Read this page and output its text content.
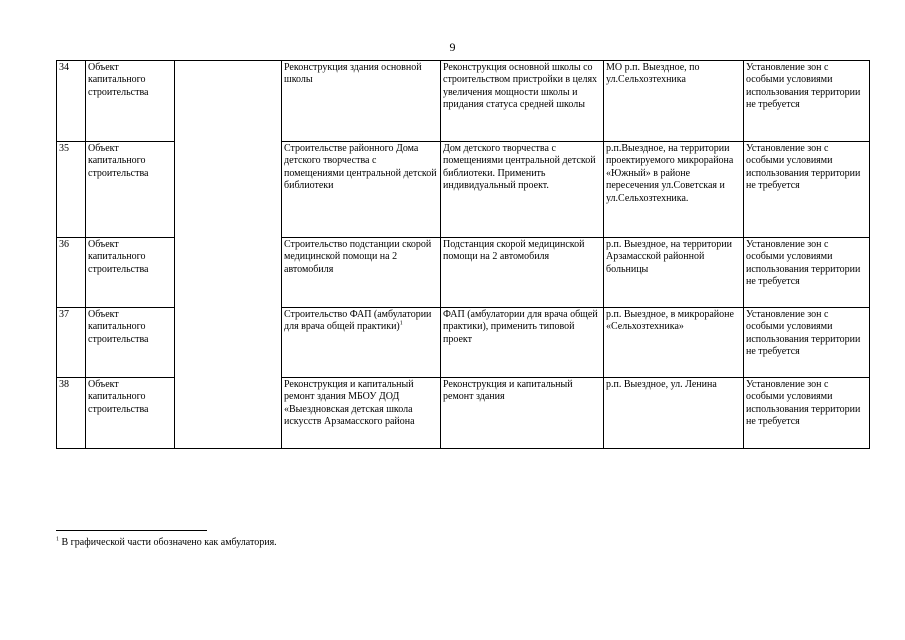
9
34	Объект капитального строительства		Реконструкция здания основной школы	Реконструкция основной школы со строительством пристройки в целях увеличения мощности школы и придания статуса средней школы	МО р.п. Выездное, по ул.Сельхозтехника	Установление зон с особыми условиями использования территории не требуется
35	Объект капитального строительства		Строительстве районного Дома детского творчества с помещениями центральной детской библиотеки	Дом детского творчества с помещениями центральной детской библиотеки. Применить индивидуальный проект.	р.п.Выездное, на территории проектируемого микрорайона «Южный» в районе пересечения ул.Советская и ул.Сельхозтехника.	Установление зон с особыми условиями использования территории не требуется
36	Объект капитального строительства		Строительство подстанции скорой медицинской помощи на 2 автомобиля	Подстанция скорой медицинской помощи на 2 автомобиля	р.п. Выездное, на территории Арзамасской районной больницы	Установление зон с особыми условиями использования территории не требуется
37	Объект капитального строительства		Строительство ФАП (амбулатории для врача общей практики)$^1$	ФАП (амбулатории для врача общей практики), применить типовой проект	р.п. Выездное, в микрорайоне «Сельхозтехника»	Установление зон с особыми условиями использования территории не требуется
38	Объект капитального строительства		Реконструкция и капитальный ремонт здания МБОУ ДОД «Выездновская детская школа искусств Арзамасского района	Реконструкция и капитальный ремонт здания	р.п. Выездное, ул. Ленина	Установление зон с особыми условиями использования территории не требуется
$^1$ В графической части обозначено как амбулатория.
